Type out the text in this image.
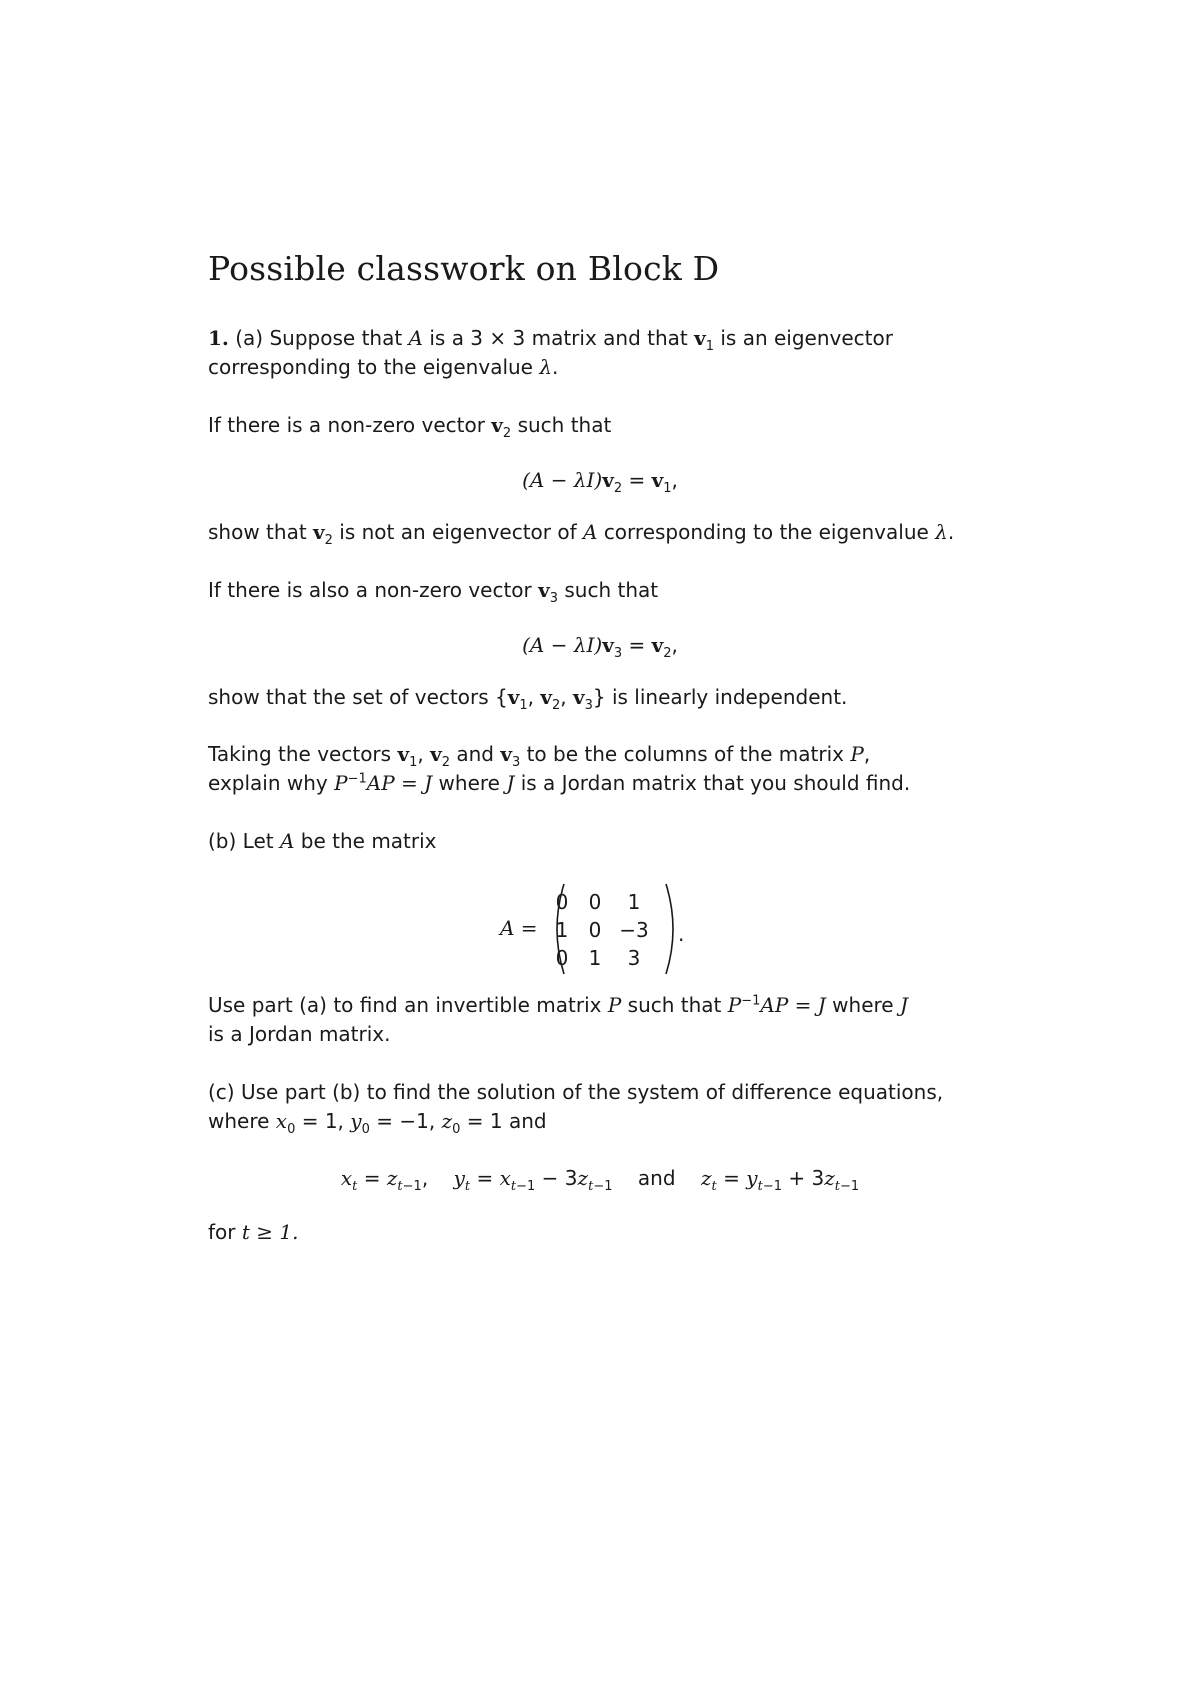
Possible classwork on Block D
1. (a) Suppose that A is a 3 × 3 matrix and that $v_1$ is an eigenvector
corresponding to the eigenvalue λ.
If there is a non-zero vector $v_2$ such that
$(A - \lambda I)v_2 = v_1$,
show that $v_2$ is not an eigenvector of A corresponding to the eigenvalue λ.
If there is also a non-zero vector $v_3$ such that
$(A - \lambda I)v_3 = v_2$,
show that the set of vectors {$v_1$, $v_2$, $v_3$} is linearly independent.
Taking the vectors $v_1$, $v_2$ and $v_3$ to be the columns of the matrix P,
explain why $P^{-1}AP = J$ where J is a Jordan matrix that you should find.
(b) Let A be the matrix
A =
0	0	1
1	0 −3
0	1	3
.
Use part (a) to find an invertible matrix P such that $P^{-1}AP = J$ where J
is a Jordan matrix.
(c) Use part (b) to find the solution of the system of difference equations,
where $x_0 = 1$, $y_0 = -1$, $z_0 = 1$ and
$x_t = z_{t-1}$,    $y_t = x_{t-1} - 3z_{t-1}$ and $z_t = y_{t-1} + 3z_{t-1}$
for t ≥ 1.
